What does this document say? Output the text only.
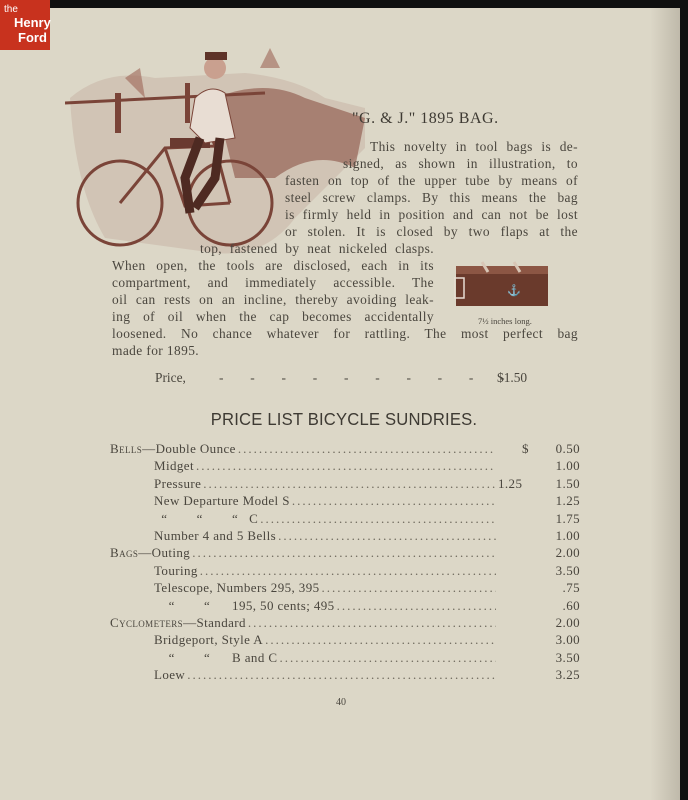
the
Henry
Ford
"G. & J." 1895 BAG.
This novelty in tool bags is de-
signed, as shown in illustration, to
fasten on top of the upper tube by means of
steel screw clamps. By this means the bag
is firmly held in position and can not be lost
or stolen. It is closed by two flaps at the
top, fastened by neat nickeled clasps.
When open, the tools are disclosed, each in its
compartment, and immediately accessible. The
oil can rests on an incline, thereby avoiding leak-
ing of oil when the cap becomes accidentally
loosened. No chance whatever for rattling. The most perfect bag
made for 1895.
Price, -        -        -        -        -        -        -        -        -        -
$1.50
⚓
7½ inches long.
PRICE LIST BICYCLE SUNDRIES.
Bells—Double Ounce .....	$	0.50
Midget .....	1.00
Pressure .....	1.25	1.50
New Departure Model S .....	1.25
“        “        “   C .....	1.75
Number 4 and 5 Bells .....	1.00
Bags—Outing .....	2.00
Touring .....	3.50
Telescope, Numbers 295, 395 .....	.75
“        “      195, 50 cents; 495 .....	.60
Cyclometers—Standard .....	2.00
Bridgeport, Style A .....	3.00
“        “      B and C .....	3.50
Loew .....	3.25
40
